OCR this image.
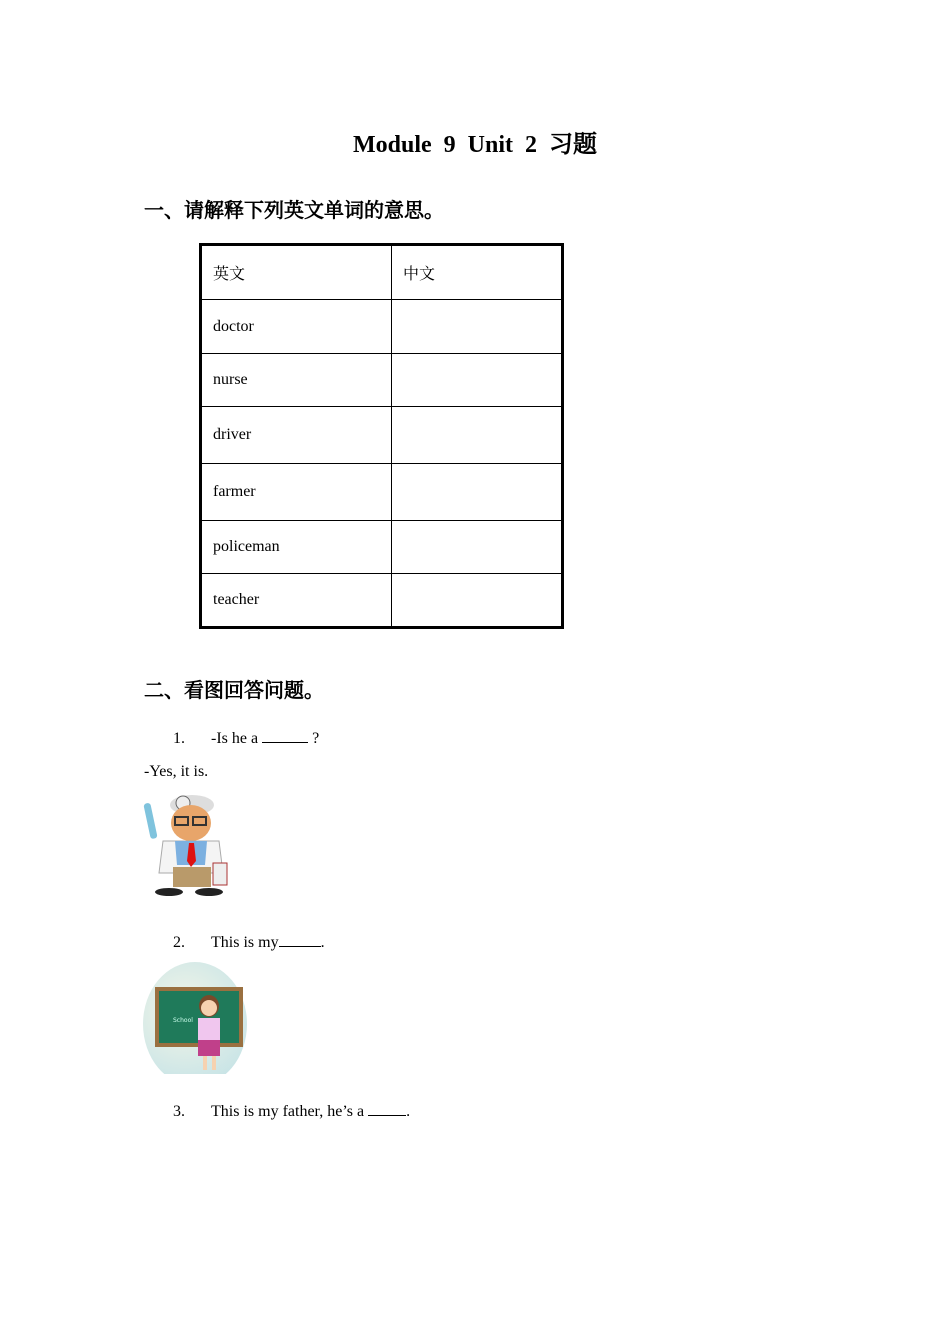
Module 9 Unit 2 习题
一、请解释下列英文单词的意思。
英文	中文
doctor	
nurse	
driver	
farmer	
policeman	
teacher	
二、看图回答问题。
1. -Is he a	?
-Yes, it is.
2. This is my	.
School
3. This is my father, he’s a .
